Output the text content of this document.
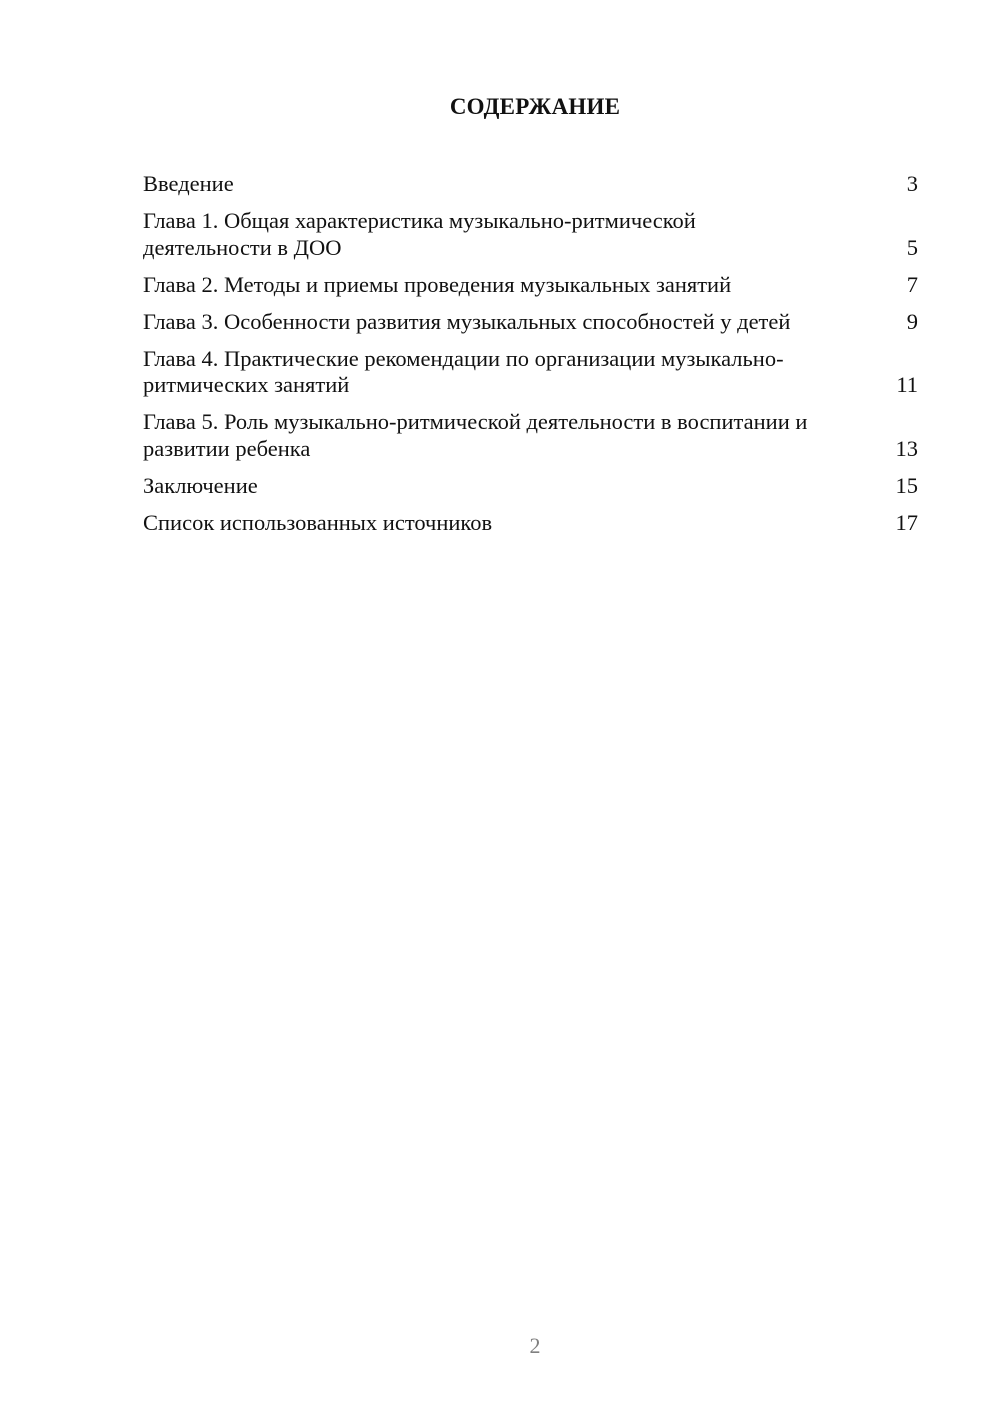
СОДЕРЖАНИЕ
Введение	3
Глава 1. Общая характеристика музыкально-ритмической деятельности в ДОО	5
Глава 2. Методы и приемы проведения музыкальных занятий	7
Глава 3. Особенности развития музыкальных способностей у детей	9
Глава 4. Практические рекомендации по организации музыкально-ритмических занятий	11
Глава 5. Роль музыкально-ритмической деятельности в воспитании и развитии ребенка	13
Заключение	15
Список использованных источников	17
2
